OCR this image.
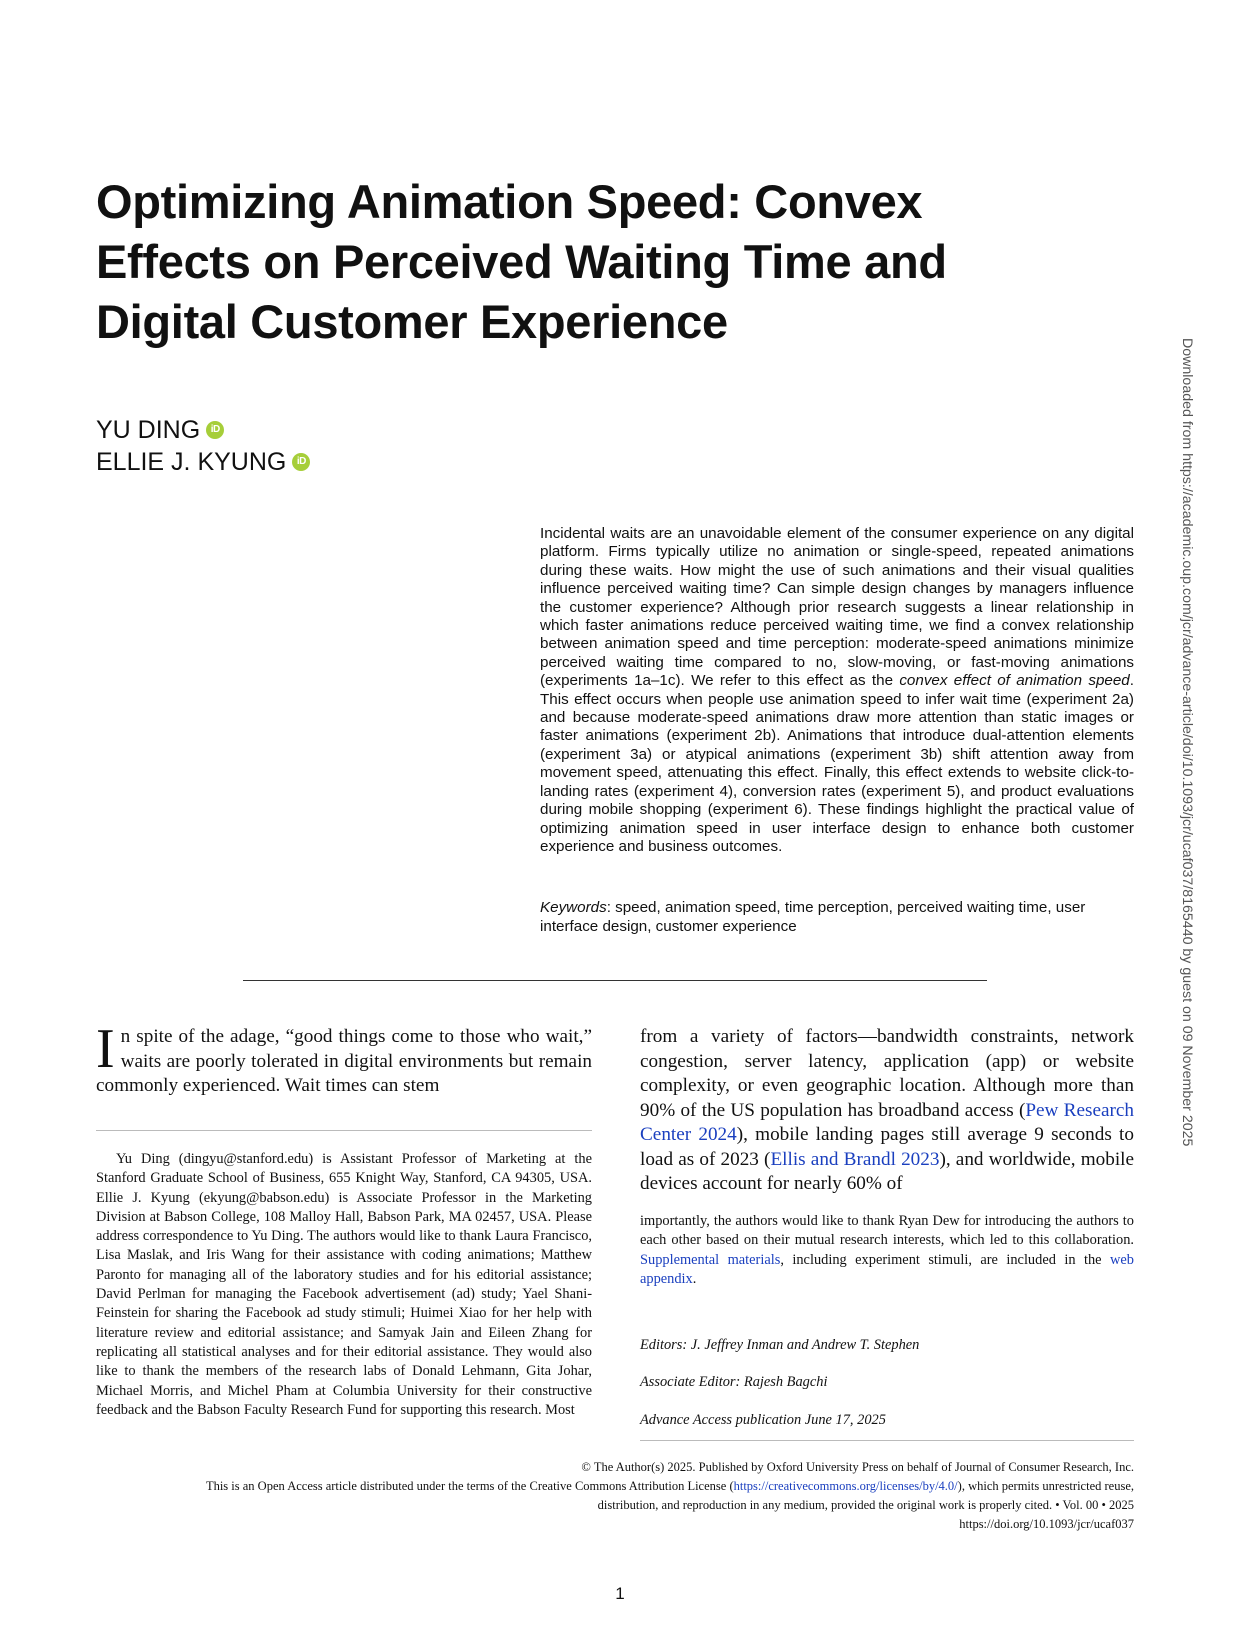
Optimizing Animation Speed: Convex
Effects on Perceived Waiting Time and
Digital Customer Experience
YU DING	iD
ELLIE J. KYUNG	iD
Incidental waits are an unavoidable element of the consumer experience on any digital platform. Firms typically utilize no animation or single-speed, repeated animations during these waits. How might the use of such animations and their visual qualities influence perceived waiting time? Can simple design changes by managers influence the customer experience? Although prior research suggests a linear relationship in which faster animations reduce perceived waiting time, we find a convex relationship between animation speed and time perception: moderate-speed animations minimize perceived waiting time compared to no, slow-moving, or fast-moving animations (experiments 1a–1c). We refer to this effect as the convex effect of animation speed. This effect occurs when people use animation speed to infer wait time (experiment 2a) and because moderate-speed animations draw more attention than static images or faster animations (experiment 2b). Animations that introduce dual-attention elements (experiment 3a) or atypical animations (experiment 3b) shift attention away from movement speed, attenuating this effect. Finally, this effect extends to website click-to-landing rates (experiment 4), conversion rates (experiment 5), and product evaluations during mobile shopping (experiment 6). These findings highlight the practical value of optimizing animation speed in user interface design to enhance both customer experience and business outcomes.
Keywords: speed, animation speed, time perception, perceived waiting time, user interface design, customer experience
In spite of the adage, “good things come to those who wait,” waits are poorly tolerated in digital environments but remain commonly experienced. Wait times can stem
from a variety of factors—bandwidth constraints, network congestion, server latency, application (app) or website complexity, or even geographic location. Although more than 90% of the US population has broadband access (Pew Research Center 2024), mobile landing pages still average 9 seconds to load as of 2023 (Ellis and Brandl 2023), and worldwide, mobile devices account for nearly 60% of

Yu Ding (dingyu@stanford.edu) is Assistant Professor of Marketing at the Stanford Graduate School of Business, 655 Knight Way, Stanford, CA 94305, USA. Ellie J. Kyung (ekyung@babson.edu) is Associate Professor in the Marketing Division at Babson College, 108 Malloy Hall, Babson Park, MA 02457, USA. Please address correspondence to Yu Ding. The authors would like to thank Laura Francisco, Lisa Maslak, and Iris Wang for their assistance with coding animations; Matthew Paronto for managing all of the laboratory studies and for his editorial assistance; David Perlman for managing the Facebook advertisement (ad) study; Yael Shani-Feinstein for sharing the Facebook ad study stimuli; Huimei Xiao for her help with literature review and editorial assistance; and Samyak Jain and Eileen Zhang for replicating all statistical analyses and for their editorial assistance. They would also like to thank the members of the research labs of Donald Lehmann, Gita Johar, Michael Morris, and Michel Pham at Columbia University for their constructive feedback and the Babson Faculty Research Fund for supporting this research. Most

importantly, the authors would like to thank Ryan Dew for introducing the authors to each other based on their mutual research interests, which led to this collaboration. Supplemental materials, including experiment stimuli, are included in the web appendix.

Editors: J. Jeffrey Inman and Andrew T. Stephen
Associate Editor: Rajesh Bagchi
Advance Access publication June 17, 2025
© The Author(s) 2025. Published by Oxford University Press on behalf of Journal of Consumer Research, Inc.
This is an Open Access article distributed under the terms of the Creative Commons Attribution License (https://creativecommons.org/licenses/by/4.0/), which permits unrestricted reuse,
distribution, and reproduction in any medium, provided the original work is properly cited. • Vol. 00 • 2025
https://doi.org/10.1093/jcr/ucaf037
1
Downloaded from https://academic.oup.com/jcr/advance-article/doi/10.1093/jcr/ucaf037/8165440 by guest on 09 November 2025
